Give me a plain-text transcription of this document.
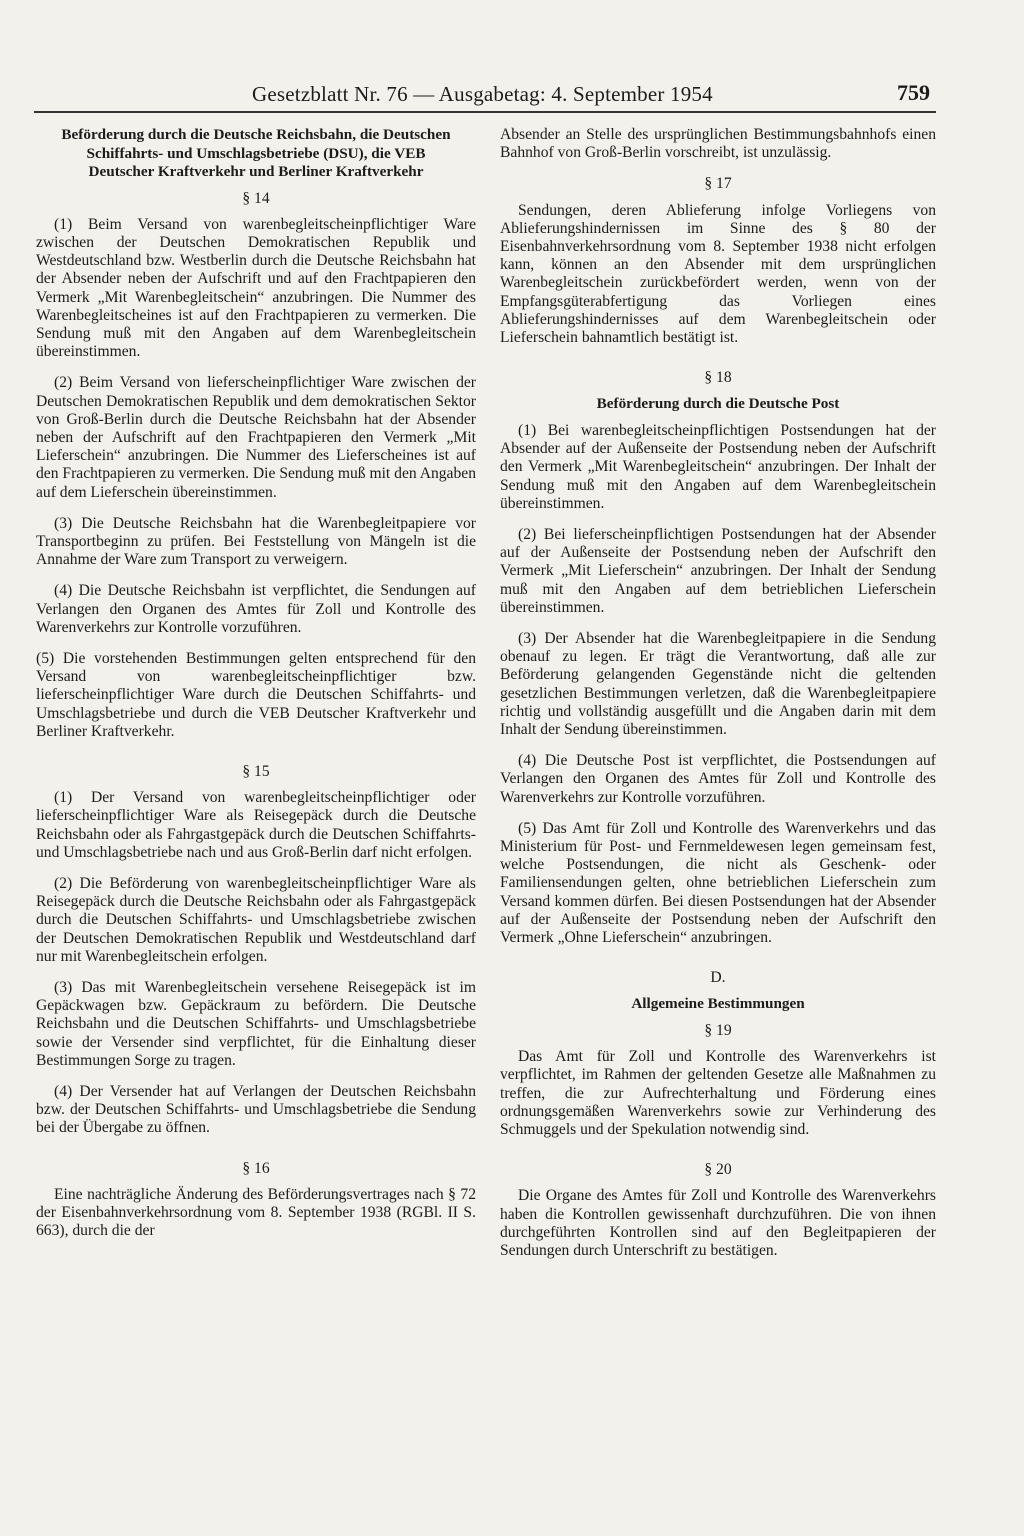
Gesetzblatt Nr. 76 — Ausgabetag: 4. September 1954	759

Beförderung durch die Deutsche Reichsbahn, die Deutschen Schiffahrts- und Umschlagsbetriebe (DSU), die VEB Deutscher Kraftverkehr und Berliner Kraftverkehr

§ 14

(1) Beim Versand von warenbegleitscheinpflichtiger Ware zwischen der Deutschen Demokratischen Republik und Westdeutschland bzw. Westberlin durch die Deutsche Reichsbahn hat der Absender neben der Aufschrift und auf den Frachtpapieren den Vermerk „Mit Warenbegleitschein“ anzubringen. Die Nummer des Warenbegleitscheines ist auf den Frachtpapieren zu vermerken. Die Sendung muß mit den Angaben auf dem Warenbegleitschein übereinstimmen.

(2) Beim Versand von lieferscheinpflichtiger Ware zwischen der Deutschen Demokratischen Republik und dem demokratischen Sektor von Groß-Berlin durch die Deutsche Reichsbahn hat der Absender neben der Aufschrift auf den Frachtpapieren den Vermerk „Mit Lieferschein“ anzubringen. Die Nummer des Lieferscheines ist auf den Frachtpapieren zu vermerken. Die Sendung muß mit den Angaben auf dem Lieferschein übereinstimmen.

(3) Die Deutsche Reichsbahn hat die Warenbegleitpapiere vor Transportbeginn zu prüfen. Bei Feststellung von Mängeln ist die Annahme der Ware zum Transport zu verweigern.

(4) Die Deutsche Reichsbahn ist verpflichtet, die Sendungen auf Verlangen den Organen des Amtes für Zoll und Kontrolle des Warenverkehrs zur Kontrolle vorzuführen.

(5) Die vorstehenden Bestimmungen gelten entsprechend für den Versand von warenbegleitscheinpflichtiger bzw. lieferscheinpflichtiger Ware durch die Deutschen Schiffahrts- und Umschlagsbetriebe und durch die VEB Deutscher Kraftverkehr und Berliner Kraftverkehr.

§ 15

(1) Der Versand von warenbegleitscheinpflichtiger oder lieferscheinpflichtiger Ware als Reisegepäck durch die Deutsche Reichsbahn oder als Fahrgastgepäck durch die Deutschen Schiffahrts- und Umschlagsbetriebe nach und aus Groß-Berlin darf nicht erfolgen.

(2) Die Beförderung von warenbegleitscheinpflichtiger Ware als Reisegepäck durch die Deutsche Reichsbahn oder als Fahrgastgepäck durch die Deutschen Schiffahrts- und Umschlagsbetriebe zwischen der Deutschen Demokratischen Republik und Westdeutschland darf nur mit Warenbegleitschein erfolgen.

(3) Das mit Warenbegleitschein versehene Reisegepäck ist im Gepäckwagen bzw. Gepäckraum zu befördern. Die Deutsche Reichsbahn und die Deutschen Schiffahrts- und Umschlagsbetriebe sowie der Versender sind verpflichtet, für die Einhaltung dieser Bestimmungen Sorge zu tragen.

(4) Der Versender hat auf Verlangen der Deutschen Reichsbahn bzw. der Deutschen Schiffahrts- und Umschlagsbetriebe die Sendung bei der Übergabe zu öffnen.

§ 16

Eine nachträgliche Änderung des Beförderungsvertrages nach § 72 der Eisenbahnverkehrsordnung vom 8. September 1938 (RGBl. II S. 663), durch die der

Absender an Stelle des ursprünglichen Bestimmungsbahnhofs einen Bahnhof von Groß-Berlin vorschreibt, ist unzulässig.

§ 17

Sendungen, deren Ablieferung infolge Vorliegens von Ablieferungshindernissen im Sinne des § 80 der Eisenbahnverkehrsordnung vom 8. September 1938 nicht erfolgen kann, können an den Absender mit dem ursprünglichen Warenbegleitschein zurückbefördert werden, wenn von der Empfangsgüterabfertigung das Vorliegen eines Ablieferungshindernisses auf dem Warenbegleitschein oder Lieferschein bahnamtlich bestätigt ist.

§ 18

Beförderung durch die Deutsche Post

(1) Bei warenbegleitscheinpflichtigen Postsendungen hat der Absender auf der Außenseite der Postsendung neben der Aufschrift den Vermerk „Mit Warenbegleitschein“ anzubringen. Der Inhalt der Sendung muß mit den Angaben auf dem Warenbegleitschein übereinstimmen.

(2) Bei lieferscheinpflichtigen Postsendungen hat der Absender auf der Außenseite der Postsendung neben der Aufschrift den Vermerk „Mit Lieferschein“ anzubringen. Der Inhalt der Sendung muß mit den Angaben auf dem betrieblichen Lieferschein übereinstimmen.

(3) Der Absender hat die Warenbegleitpapiere in die Sendung obenauf zu legen. Er trägt die Verantwortung, daß alle zur Beförderung gelangenden Gegenstände nicht die geltenden gesetzlichen Bestimmungen verletzen, daß die Warenbegleitpapiere richtig und vollständig ausgefüllt und die Angaben darin mit dem Inhalt der Sendung übereinstimmen.

(4) Die Deutsche Post ist verpflichtet, die Postsendungen auf Verlangen den Organen des Amtes für Zoll und Kontrolle des Warenverkehrs zur Kontrolle vorzuführen.

(5) Das Amt für Zoll und Kontrolle des Warenverkehrs und das Ministerium für Post- und Fernmeldewesen legen gemeinsam fest, welche Postsendungen, die nicht als Geschenk- oder Familiensendungen gelten, ohne betrieblichen Lieferschein zum Versand kommen dürfen. Bei diesen Postsendungen hat der Absender auf der Außenseite der Postsendung neben der Aufschrift den Vermerk „Ohne Lieferschein“ anzubringen.

D.

Allgemeine Bestimmungen

§ 19

Das Amt für Zoll und Kontrolle des Warenverkehrs ist verpflichtet, im Rahmen der geltenden Gesetze alle Maßnahmen zu treffen, die zur Aufrechterhaltung und Förderung eines ordnungsgemäßen Warenverkehrs sowie zur Verhinderung des Schmuggels und der Spekulation notwendig sind.

§ 20

Die Organe des Amtes für Zoll und Kontrolle des Warenverkehrs haben die Kontrollen gewissenhaft durchzuführen. Die von ihnen durchgeführten Kontrollen sind auf den Begleitpapieren der Sendungen durch Unterschrift zu bestätigen.
